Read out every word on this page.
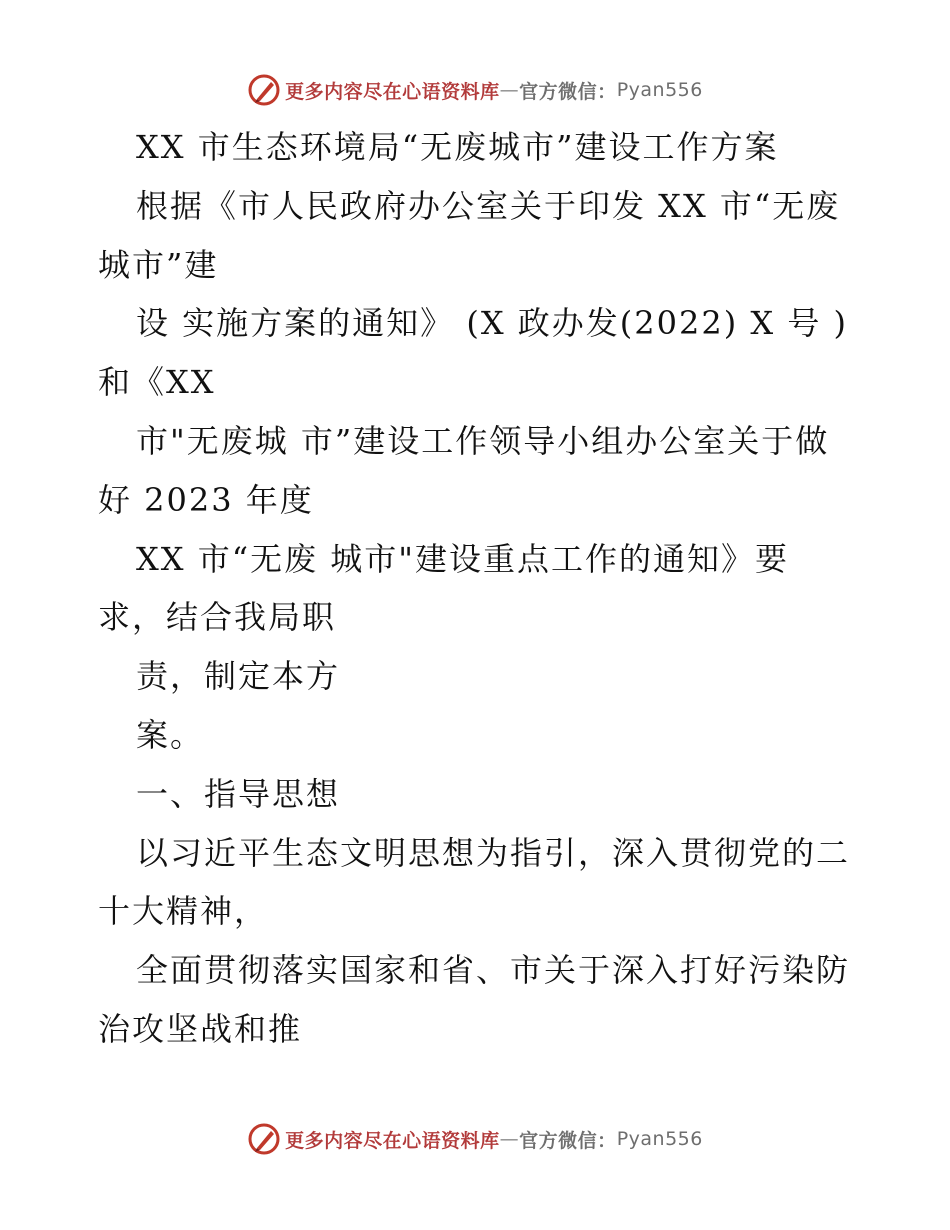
更多内容尽在心语资料库 — 官方微信： Pyan556
XX 市生态环境局“无废城市”建设工作方案
根据《市人民政府办公室关于印发 XX 市“无废
城市”建
设 实施方案的通知》 (X 政办发(2022) X 号 )
和《XX
市"无废城 市”建设工作领导小组办公室关于做
好 2023 年度
XX 市“无废 城市"建设重点工作的通知》要
求，结合我局职
责，制定本方
案。
一、指导思想
以习近平生态文明思想为指引，深入贯彻党的二
十大精神，
全面贯彻落实国家和省、市关于深入打好污染防
治攻坚战和推
更多内容尽在心语资料库 — 官方微信： Pyan556
